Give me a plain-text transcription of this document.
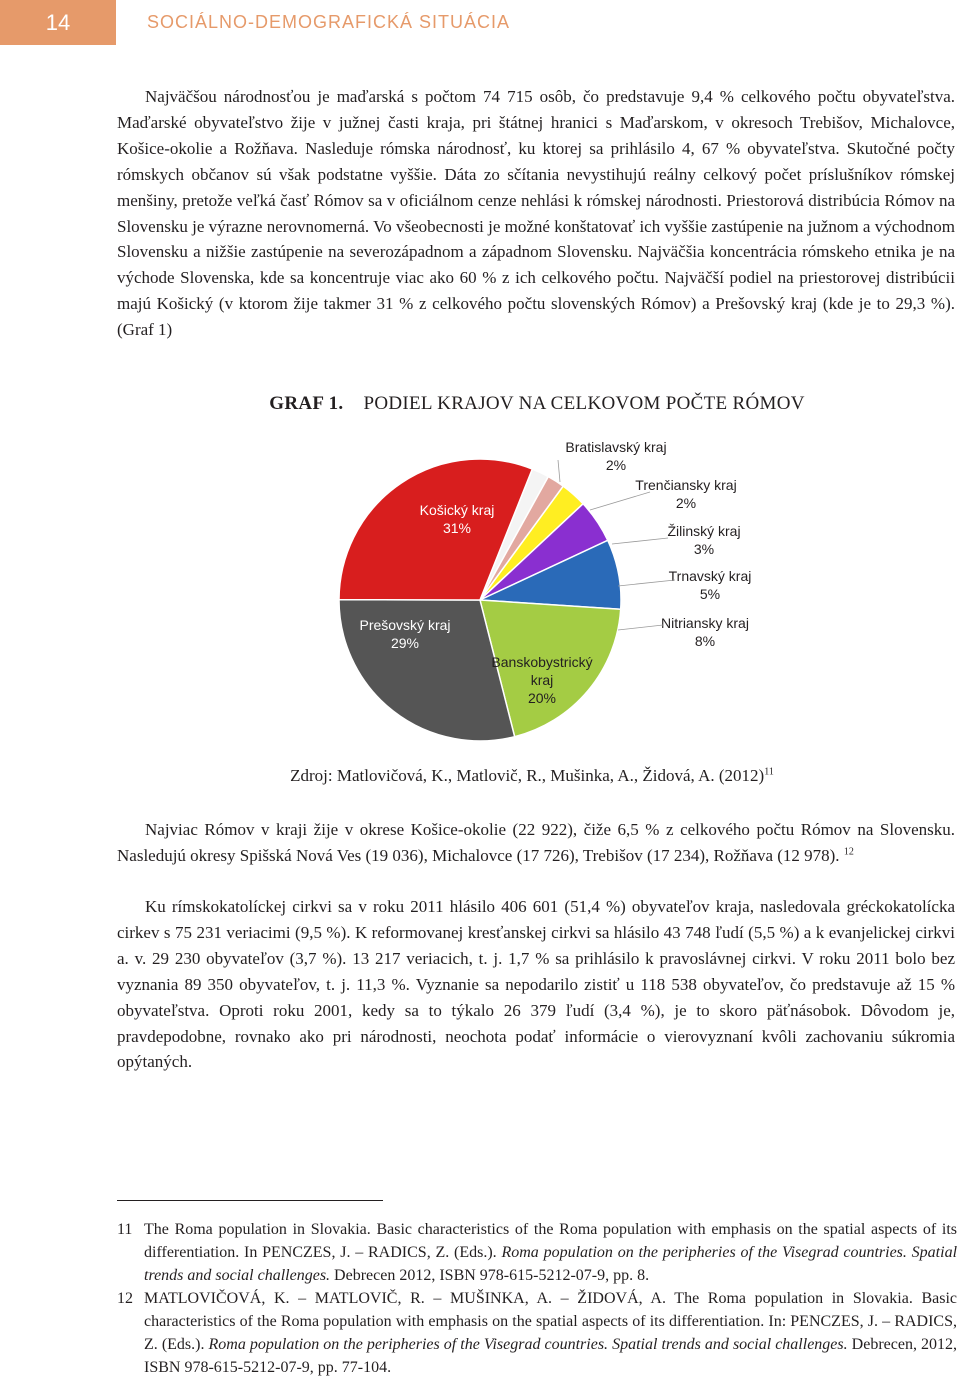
14	SOCIÁLNO-DEMOGRAFICKÁ SITUÁCIA

Najväčšou národnosťou je maďarská s počtom 74 715 osôb, čo predstavuje 9,4 % celkového počtu obyvateľstva. Maďarské obyvateľstvo žije v južnej časti kraja, pri štátnej hranici s Maďarskom, v okresoch Trebišov, Michalovce, Košice-okolie a Rožňava. Nasleduje rómska národnosť, ku ktorej sa prihlásilo 4, 67 % obyvateľstva. Skutočné počty rómskych občanov sú však podstatne vyššie. Dáta zo sčítania nevystihujú reálny celkový počet príslušníkov rómskej menšiny, pretože veľká časť Rómov sa v oficiálnom cenze nehlási k rómskej národnosti. Priestorová distribúcia Rómov na Slovensku je výrazne nerovnomerná. Vo všeobecnosti je možné konštatovať ich vyššie zastúpenie na južnom a východnom Slovensku a nižšie zastúpenie na severozápadnom a západnom Slovensku. Najväčšia koncentrácia rómskeho etnika je na východe Slovenska, kde sa koncentruje viac ako 60 % z ich celkového počtu. Najväčší podiel na priestorovej distribúcii majú Košický (v ktorom žije takmer 31 % z celkového počtu slovenských Rómov) a Prešovský kraj (kde je to 29,3 %). (Graf 1)

GRAF 1. PODIEL KRAJOV NA CELKOVOM POČTE RÓMOV
Bratislavský kraj 2%
Trenčiansky kraj 2%
Žilinský kraj 3%
Trnavský kraj 5%
Nitriansky kraj 8%
Banskobystrický kraj 20%
Prešovský kraj 29%
Košický kraj 31%
Zdroj: Matlovičová, K., Matlovič, R., Mušinka, A., Židová, A. $(2012)^{11}$

Najviac Rómov v kraji žije v okrese Košice-okolie (22 922), čiže 6,5 % z celkového počtu Rómov na Slovensku. Nasledujú okresy Spišská Nová Ves (19 036), Michalovce (17 726), Trebišov (17 234), Rožňava (12 978). $^{12}$

Ku rímskokatolíckej cirkvi sa v roku 2011 hlásilo 406 601 (51,4 %) obyvateľov kraja, nasledovala gréckokatolícka cirkev s 75 231 veriacimi (9,5 %). K reformovanej kresťanskej cirkvi sa hlásilo 43 748 ľudí (5,5 %) a k evanjelickej cirkvi a. v. 29 230 obyvateľov (3,7 %). 13 217 veriacich, t. j. 1,7 % sa prihlásilo k pravoslávnej cirkvi. V roku 2011 bolo bez vyznania 89 350 obyvateľov, t. j. 11,3 %. Vyznanie sa nepodarilo zistiť u 118 538 obyvateľov, čo predstavuje až 15 % obyvateľstva. Oproti roku 2001, kedy sa to týkalo 26 379 ľudí (3,4 %), je to skoro päťnásobok. Dôvodom je, pravdepodobne, rovnako ako pri národnosti, neochota podať informácie o vierovyznaní kvôli zachovaniu súkromia opýtaných.

11 The Roma population in Slovakia. Basic characteristics of the Roma population with emphasis on the spatial aspects of its differentiation. In PENCZES, J. – RADICS, Z. (Eds.). Roma population on the peripheries of the Visegrad countries. Spatial trends and social challenges. Debrecen 2012, ISBN 978-615-5212-07-9, pp. 8.
12 MATLOVIČOVÁ, K. – MATLOVIČ, R. – MUŠINKA, A. – ŽIDOVÁ, A. The Roma population in Slovakia. Basic characteristics of the Roma population with emphasis on the spatial aspects of its differentiation. In: PENCZES, J. – RADICS, Z. (Eds.). Roma population on the peripheries of the Visegrad countries. Spatial trends and social challenges. Debrecen, 2012, ISBN 978-615-5212-07-9, pp. 77-104.
